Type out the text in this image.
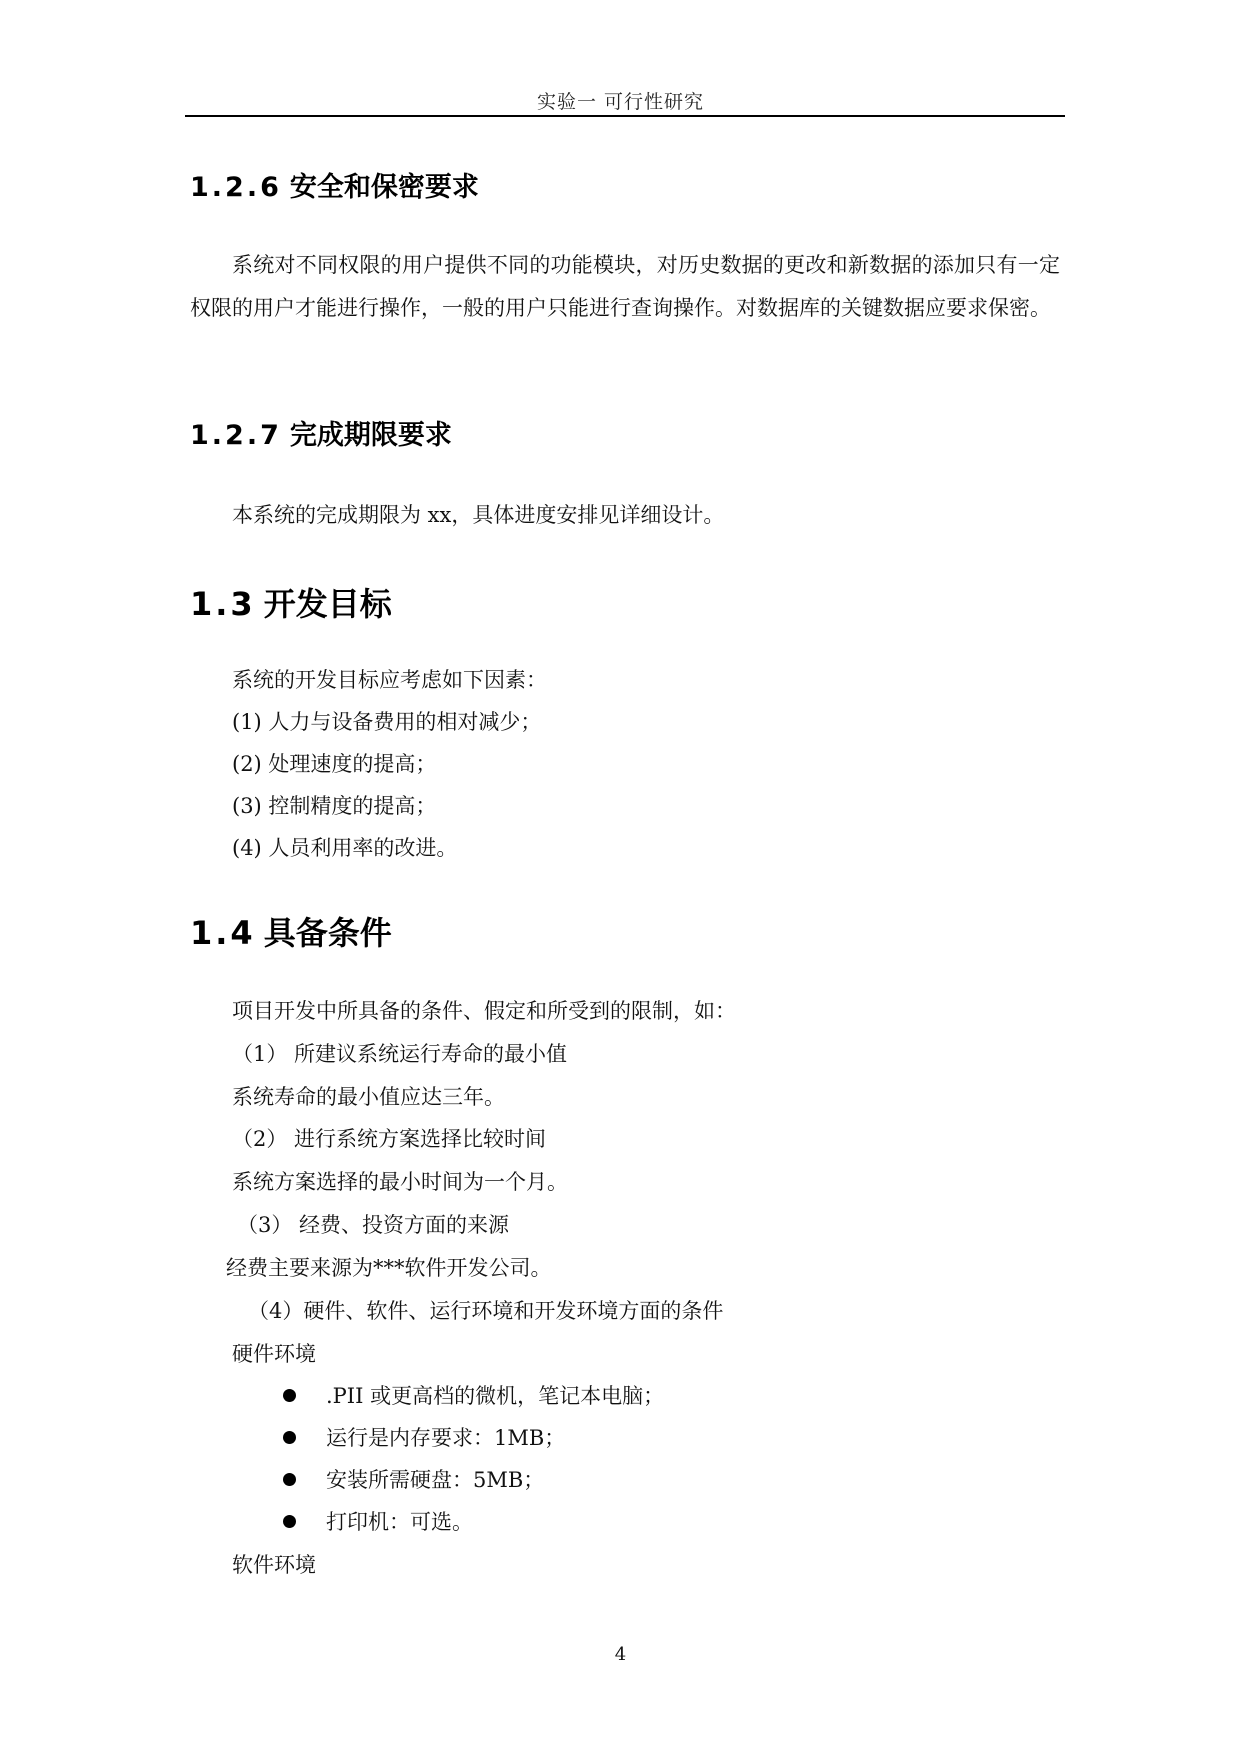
实验一 可行性研究
1.2.6 安全和保密要求
系统对不同权限的用户提供不同的功能模块，对历史数据的更改和新数据的添加只有一定权限的用户才能进行操作，一般的用户只能进行查询操作。对数据库的关键数据应要求保密。
1.2.7 完成期限要求
本系统的完成期限为 xx，具体进度安排见详细设计。
1.3 开发目标
系统的开发目标应考虑如下因素：
(1) 人力与设备费用的相对减少；
(2) 处理速度的提高；
(3) 控制精度的提高；
(4) 人员利用率的改进。
1.4 具备条件
项目开发中所具备的条件、假定和所受到的限制，如：
（1） 所建议系统运行寿命的最小值
系统寿命的最小值应达三年。
（2） 进行系统方案选择比较时间
系统方案选择的最小时间为一个月。
（3） 经费、投资方面的来源
经费主要来源为***软件开发公司。
（4）硬件、软件、运行环境和开发环境方面的条件
硬件环境
.PII 或更高档的微机，笔记本电脑；
运行是内存要求：1MB；
安装所需硬盘：5MB；
打印机：可选。
软件环境
4
